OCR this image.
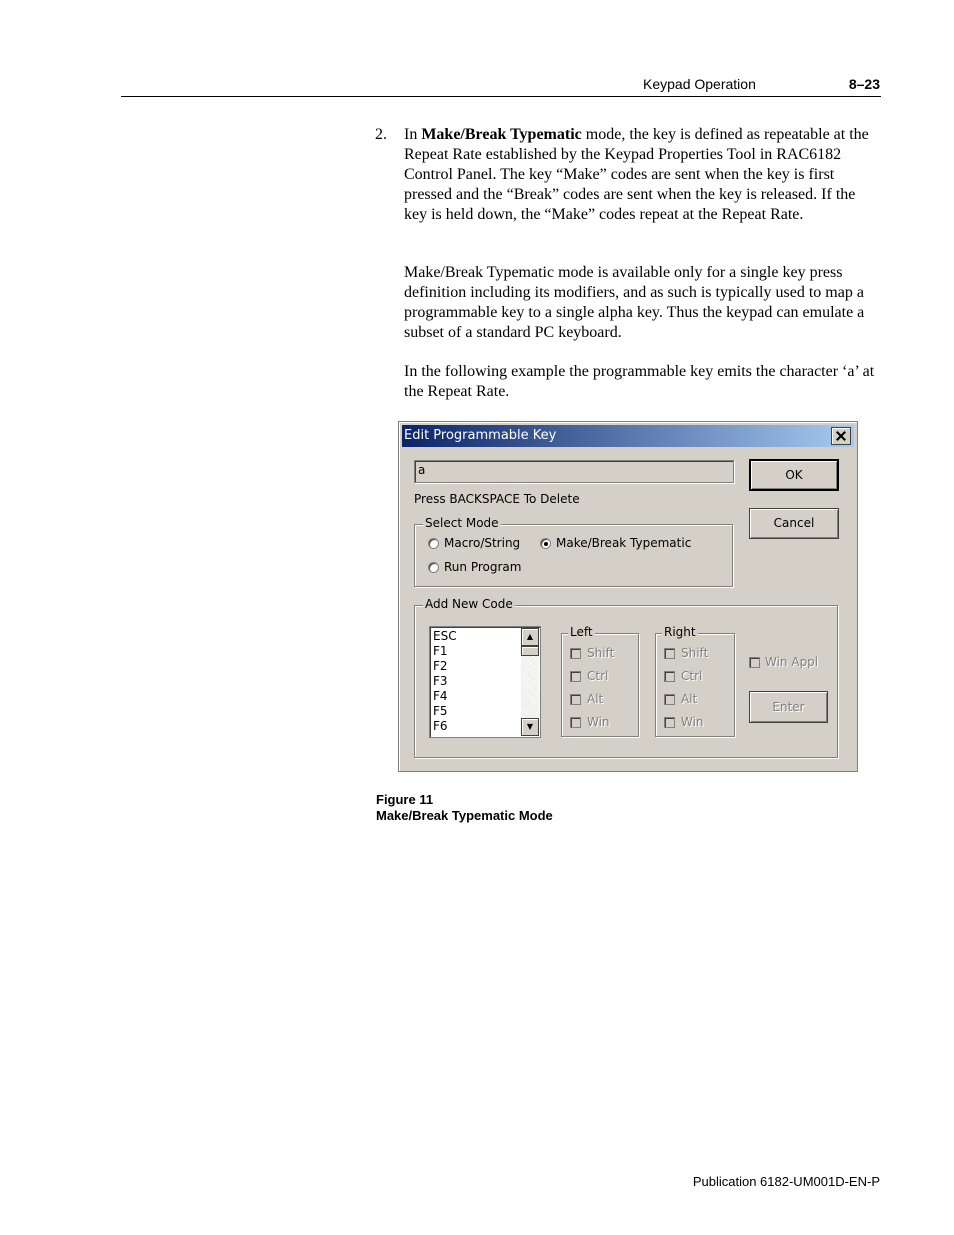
Keypad Operation	8–23
2. In Make/Break Typematic mode, the key is defined as repeatable at the Repeat Rate established by the Keypad Properties Tool in RAC6182 Control Panel. The key “Make” codes are sent when the key is first pressed and the “Break” codes are sent when the key is released. If the key is held down, the “Make” codes repeat at the Repeat Rate.

Make/Break Typematic mode is available only for a single key press definition including its modifiers, and as such is typically used to map a programmable key to a single alpha key. Thus the keypad can emulate a subset of a standard PC keyboard.

In the following example the programmable key emits the character ‘a’ at the Repeat Rate.

Edit Programmable Key
a
Press BACKSPACE To Delete
OK
Cancel
Select Mode
Macro/String	Make/Break Typematic
Run Program
Add New Code
ESC
F1
F2
F3
F4
F5
F6
▲
▼
Left
Shift
Ctrl
Alt
Win
Right
Shift
Ctrl
Alt
Win
Win Appl
Enter
Figure 11
Make/Break Typematic Mode
Publication 6182-UM001D-EN-P
